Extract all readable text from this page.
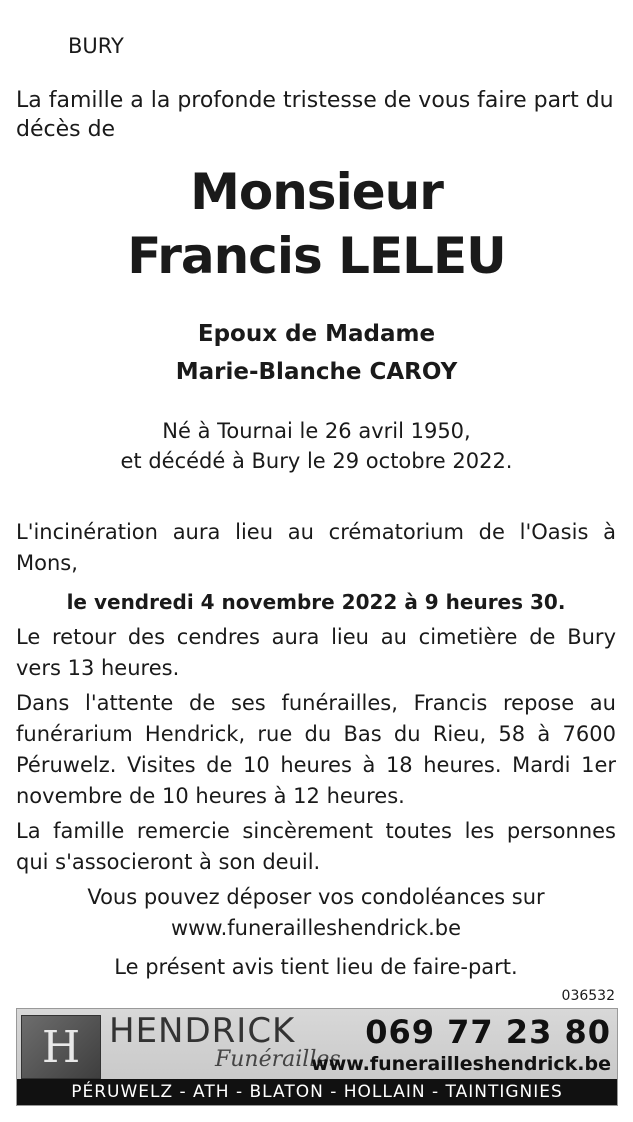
BURY
La famille a la profonde tristesse de vous faire part du décès de
Monsieur
Francis LELEU
Epoux de Madame
Marie-Blanche CAROY
Né à Tournai le 26 avril 1950,
et décédé à Bury le 29 octobre 2022.

L'incinération aura lieu au crématorium de l'Oasis à Mons,

le vendredi 4 novembre 2022 à 9 heures 30.

Le retour des cendres aura lieu au cimetière de Bury vers 13 heures.

Dans l'attente de ses funérailles, Francis repose au funérarium Hendrick, rue du Bas du Rieu, 58 à 7600 Péruwelz. Visites de 10 heures à 18 heures. Mardi 1er novembre de 10 heures à 12 heures.

La famille remercie sincèrement toutes les personnes qui s'associeront à son deuil.

Vous pouvez déposer vos condoléances sur

www.funerailleshendrick.be

Le présent avis tient lieu de faire-part.

036532
H HENDRICK
Funérailles
069 77 23 80
www.funerailleshendrick.be
PÉRUWELZ - ATH - BLATON - HOLLAIN - TAINTIGNIES
